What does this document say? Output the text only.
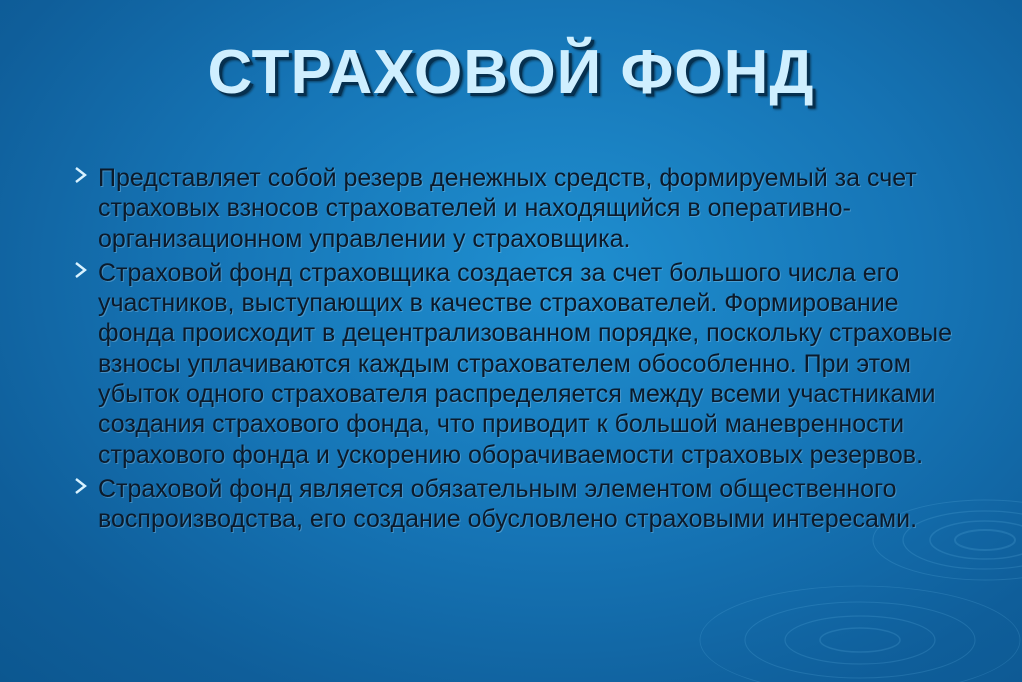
СТРАХОВОЙ ФОНД
Представляет собой резерв денежных средств, формируемый за счет страховых взносов страхователей и находящийся в оперативно- организационном управлении у страховщика.
Страховой фонд страховщика создается за счет большого числа его участников, выступающих в качестве страхователей. Формирование фонда происходит в децентрализованном порядке, поскольку страховые взносы уплачиваются каждым страхователем обособленно. При этом убыток одного страхователя распределяется между всеми участниками создания страхового фонда, что приводит к большой маневренности страхового фонда и ускорению оборачиваемости страховых резервов.
Страховой фонд является обязательным элементом общественного воспроизводства, его создание обусловлено страховыми интересами.
